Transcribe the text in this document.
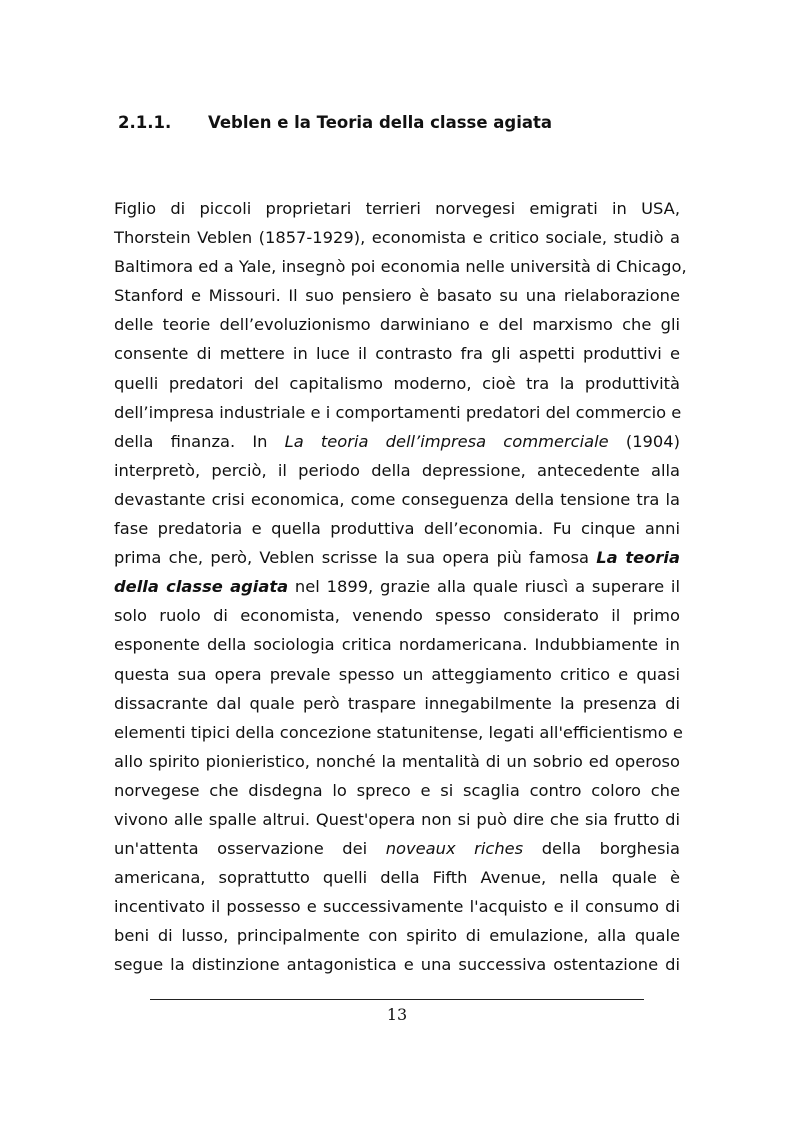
2.1.1. Veblen e la Teoria della classe agiata
Figlio di piccoli proprietari terrieri norvegesi emigrati in USA,
Thorstein Veblen (1857-1929), economista e critico sociale, studiò a
Baltimora ed a Yale, insegnò poi economia nelle università di Chicago,
Stanford e Missouri. Il suo pensiero è basato su una rielaborazione
delle teorie dell’evoluzionismo darwiniano e del marxismo che gli
consente di mettere in luce il contrasto fra gli aspetti produttivi e
quelli predatori del capitalismo moderno, cioè tra la produttività
dell’impresa industriale e i comportamenti predatori del commercio e
della finanza. In La teoria dell’impresa commerciale (1904)
interpretò, perciò, il periodo della depressione, antecedente alla
devastante crisi economica, come conseguenza della tensione tra la
fase predatoria e quella produttiva dell’economia. Fu cinque anni
prima che, però, Veblen scrisse la sua opera più famosa La teoria
della classe agiata nel 1899, grazie alla quale riuscì a superare il
solo ruolo di economista, venendo spesso considerato il primo
esponente della sociologia critica nordamericana. Indubbiamente in
questa sua opera prevale spesso un atteggiamento critico e quasi
dissacrante dal quale però traspare innegabilmente la presenza di
elementi tipici della concezione statunitense, legati all'efficientismo e
allo spirito pionieristico, nonché la mentalità di un sobrio ed operoso
norvegese che disdegna lo spreco e si scaglia contro coloro che
vivono alle spalle altrui. Quest'opera non si può dire che sia frutto di
un'attenta osservazione dei noveaux riches della borghesia
americana, soprattutto quelli della Fifth Avenue, nella quale è
incentivato il possesso e successivamente l'acquisto e il consumo di
beni di lusso, principalmente con spirito di emulazione, alla quale
segue la distinzione antagonistica e una successiva ostentazione di
13
